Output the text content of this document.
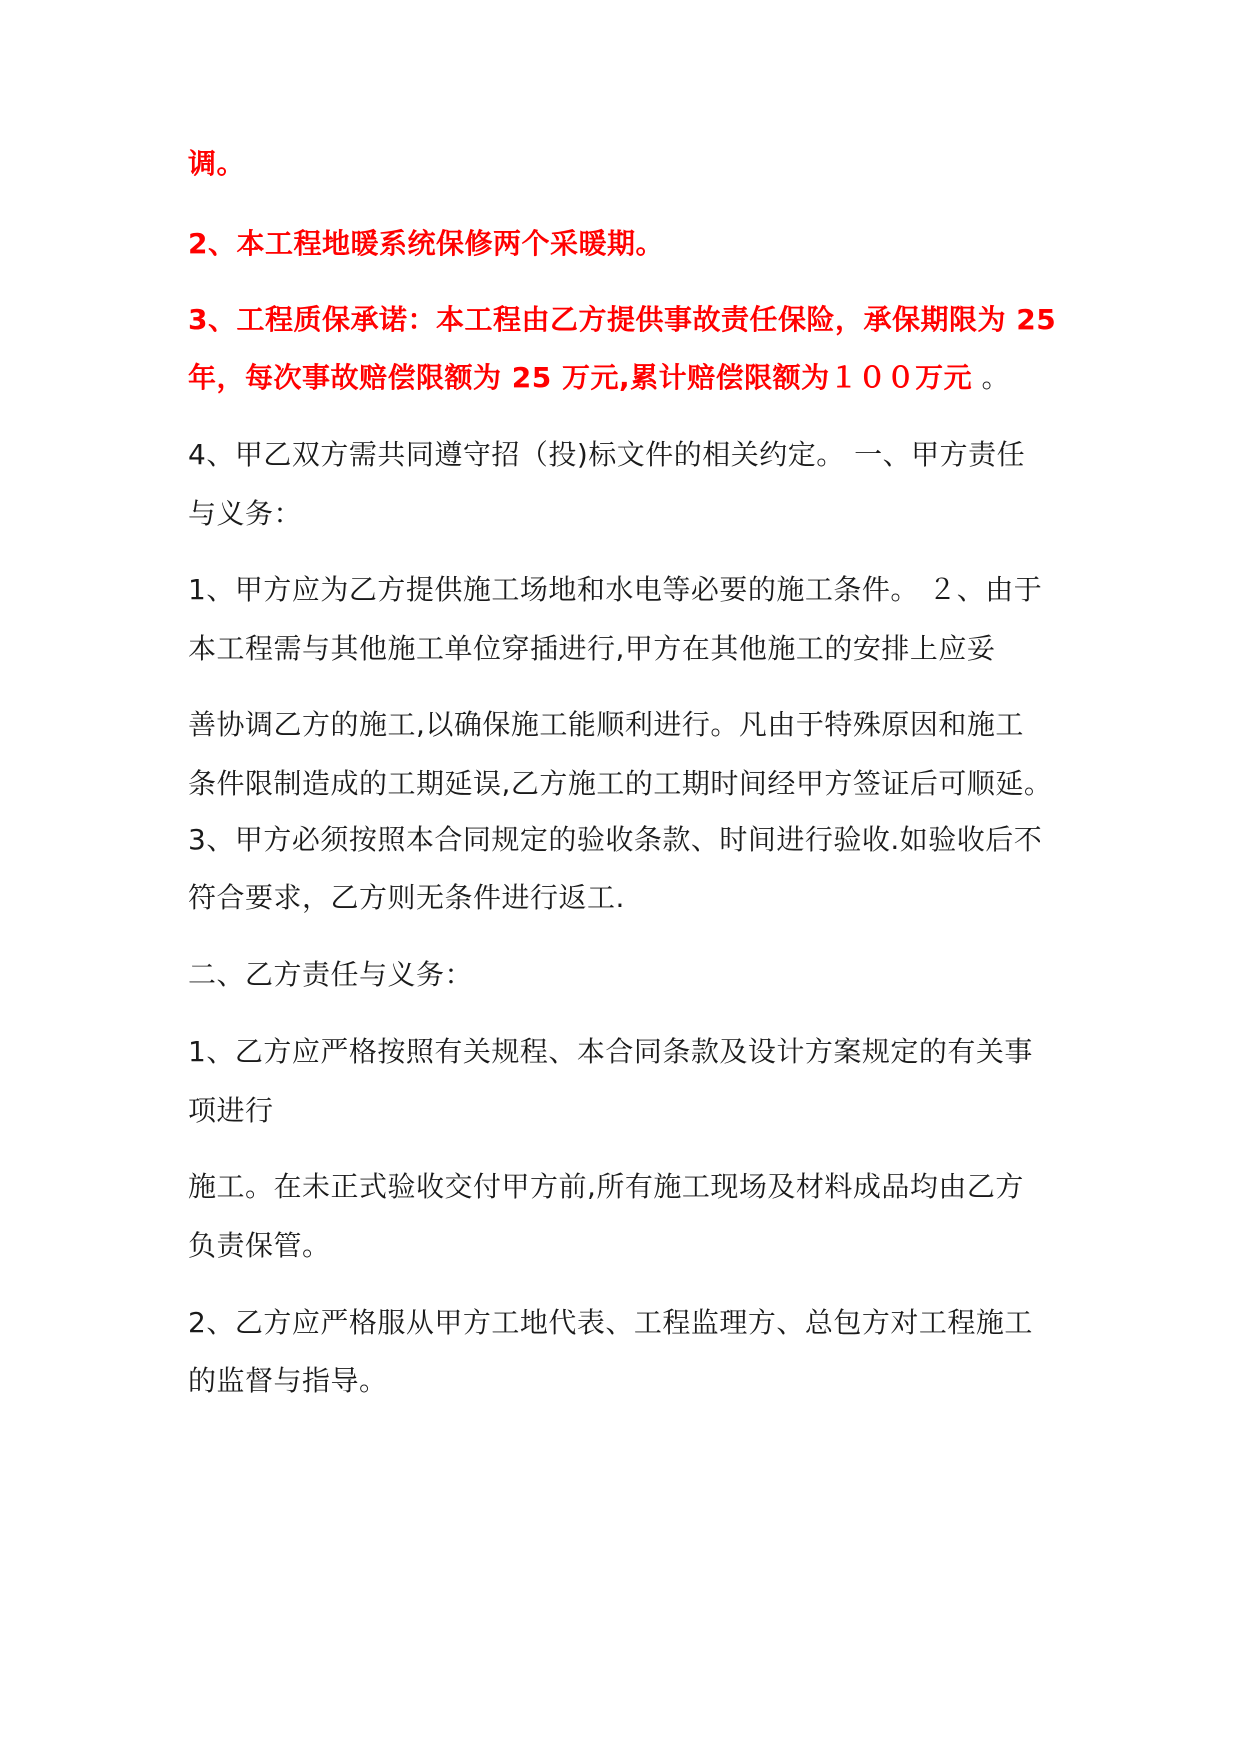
调。
2、本工程地暖系统保修两个采暖期。
3、工程质保承诺：本工程由乙方提供事故责任保险，承保期限为 25
年，每次事故赔偿限额为 25 万元,累计赔偿限额为１００万元 。
4、甲乙双方需共同遵守招（投)标文件的相关约定。 一、甲方责任
与义务：
1、甲方应为乙方提供施工场地和水电等必要的施工条件。 ２、由于
本工程需与其他施工单位穿插进行,甲方在其他施工的安排上应妥
善协调乙方的施工,以确保施工能顺利进行。凡由于特殊原因和施工
条件限制造成的工期延误,乙方施工的工期时间经甲方签证后可顺延。
3、甲方必须按照本合同规定的验收条款、时间进行验收.如验收后不
符合要求，乙方则无条件进行返工.
二、乙方责任与义务：
1、乙方应严格按照有关规程、本合同条款及设计方案规定的有关事
项进行
施工。在未正式验收交付甲方前,所有施工现场及材料成品均由乙方
负责保管。
2、乙方应严格服从甲方工地代表、工程监理方、总包方对工程施工
的监督与指导。
